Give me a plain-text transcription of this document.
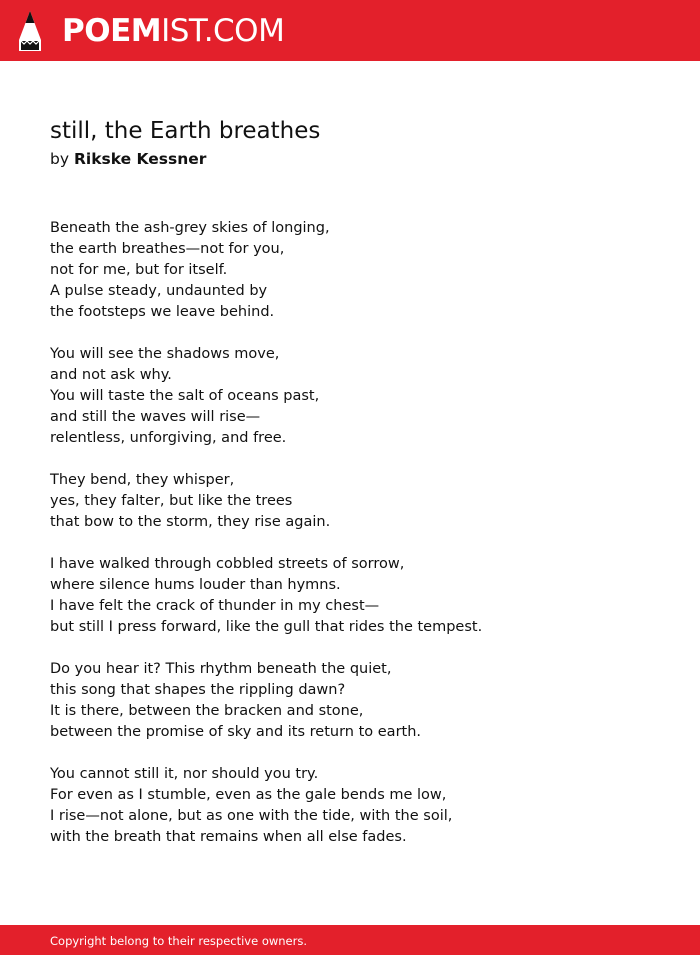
POEMIST.COM
still, the Earth breathes
by Rikske Kessner
Beneath the ash-grey skies of longing,
the earth breathes—not for you,
not for me, but for itself.
A pulse steady, undaunted by
the footsteps we leave behind.
You will see the shadows move,
and not ask why.
You will taste the salt of oceans past,
and still the waves will rise—
relentless, unforgiving, and free.
They bend, they whisper,
yes, they falter, but like the trees
that bow to the storm, they rise again.
I have walked through cobbled streets of sorrow,
where silence hums louder than hymns.
I have felt the crack of thunder in my chest—
but still I press forward, like the gull that rides the tempest.
Do you hear it? This rhythm beneath the quiet,
this song that shapes the rippling dawn?
It is there, between the bracken and stone,
between the promise of sky and its return to earth.
You cannot still it, nor should you try.
For even as I stumble, even as the gale bends me low,
I rise—not alone, but as one with the tide, with the soil,
with the breath that remains when all else fades.
Copyright belong to their respective owners.
